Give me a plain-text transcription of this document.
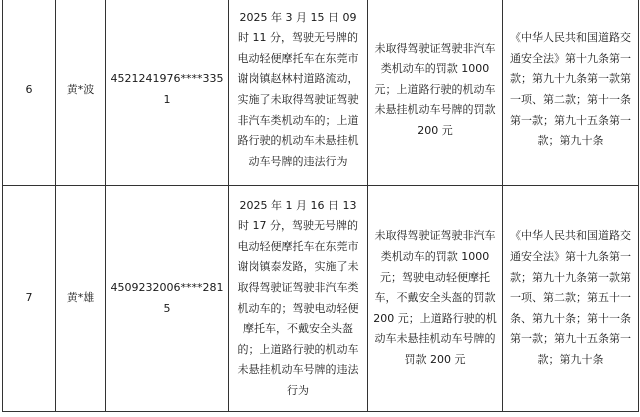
6	黄*波	4521241976****3351	2025 年 3 月 15 日 09 时 11 分，驾驶无号牌的电动轻便摩托车在东莞市谢岗镇赵林村道路流动，实施了未取得驾驶证驾驶非汽车类机动车的；上道路行驶的机动车未悬挂机动车号牌的违法行为	未取得驾驶证驾驶非汽车类机动车的罚款 1000 元；上道路行驶的机动车未悬挂机动车号牌的罚款 200 元	《中华人民共和国道路交通安全法》第十九条第一款；第九十九条第一款第一项、第二款；第十一条第一款；第九十五条第一款；第九十条
7	黄*雄	4509232006****2815	2025 年 1 月 16 日 13 时 17 分，驾驶无号牌的电动轻便摩托车在东莞市谢岗镇泰发路，实施了未取得驾驶证驾驶非汽车类机动车的；驾驶电动轻便摩托车，不戴安全头盔的；上道路行驶的机动车未悬挂机动车号牌的违法行为	未取得驾驶证驾驶非汽车类机动车的罚款 1000 元；驾驶电动轻便摩托车，不戴安全头盔的罚款 200 元；上道路行驶的机动车未悬挂机动车号牌的罚款 200 元	《中华人民共和国道路交通安全法》第十九条第一款；第九十九条第一款第一项、第二款；第五十一条、第九十条；第十一条第一款；第九十五条第一款；第九十条
